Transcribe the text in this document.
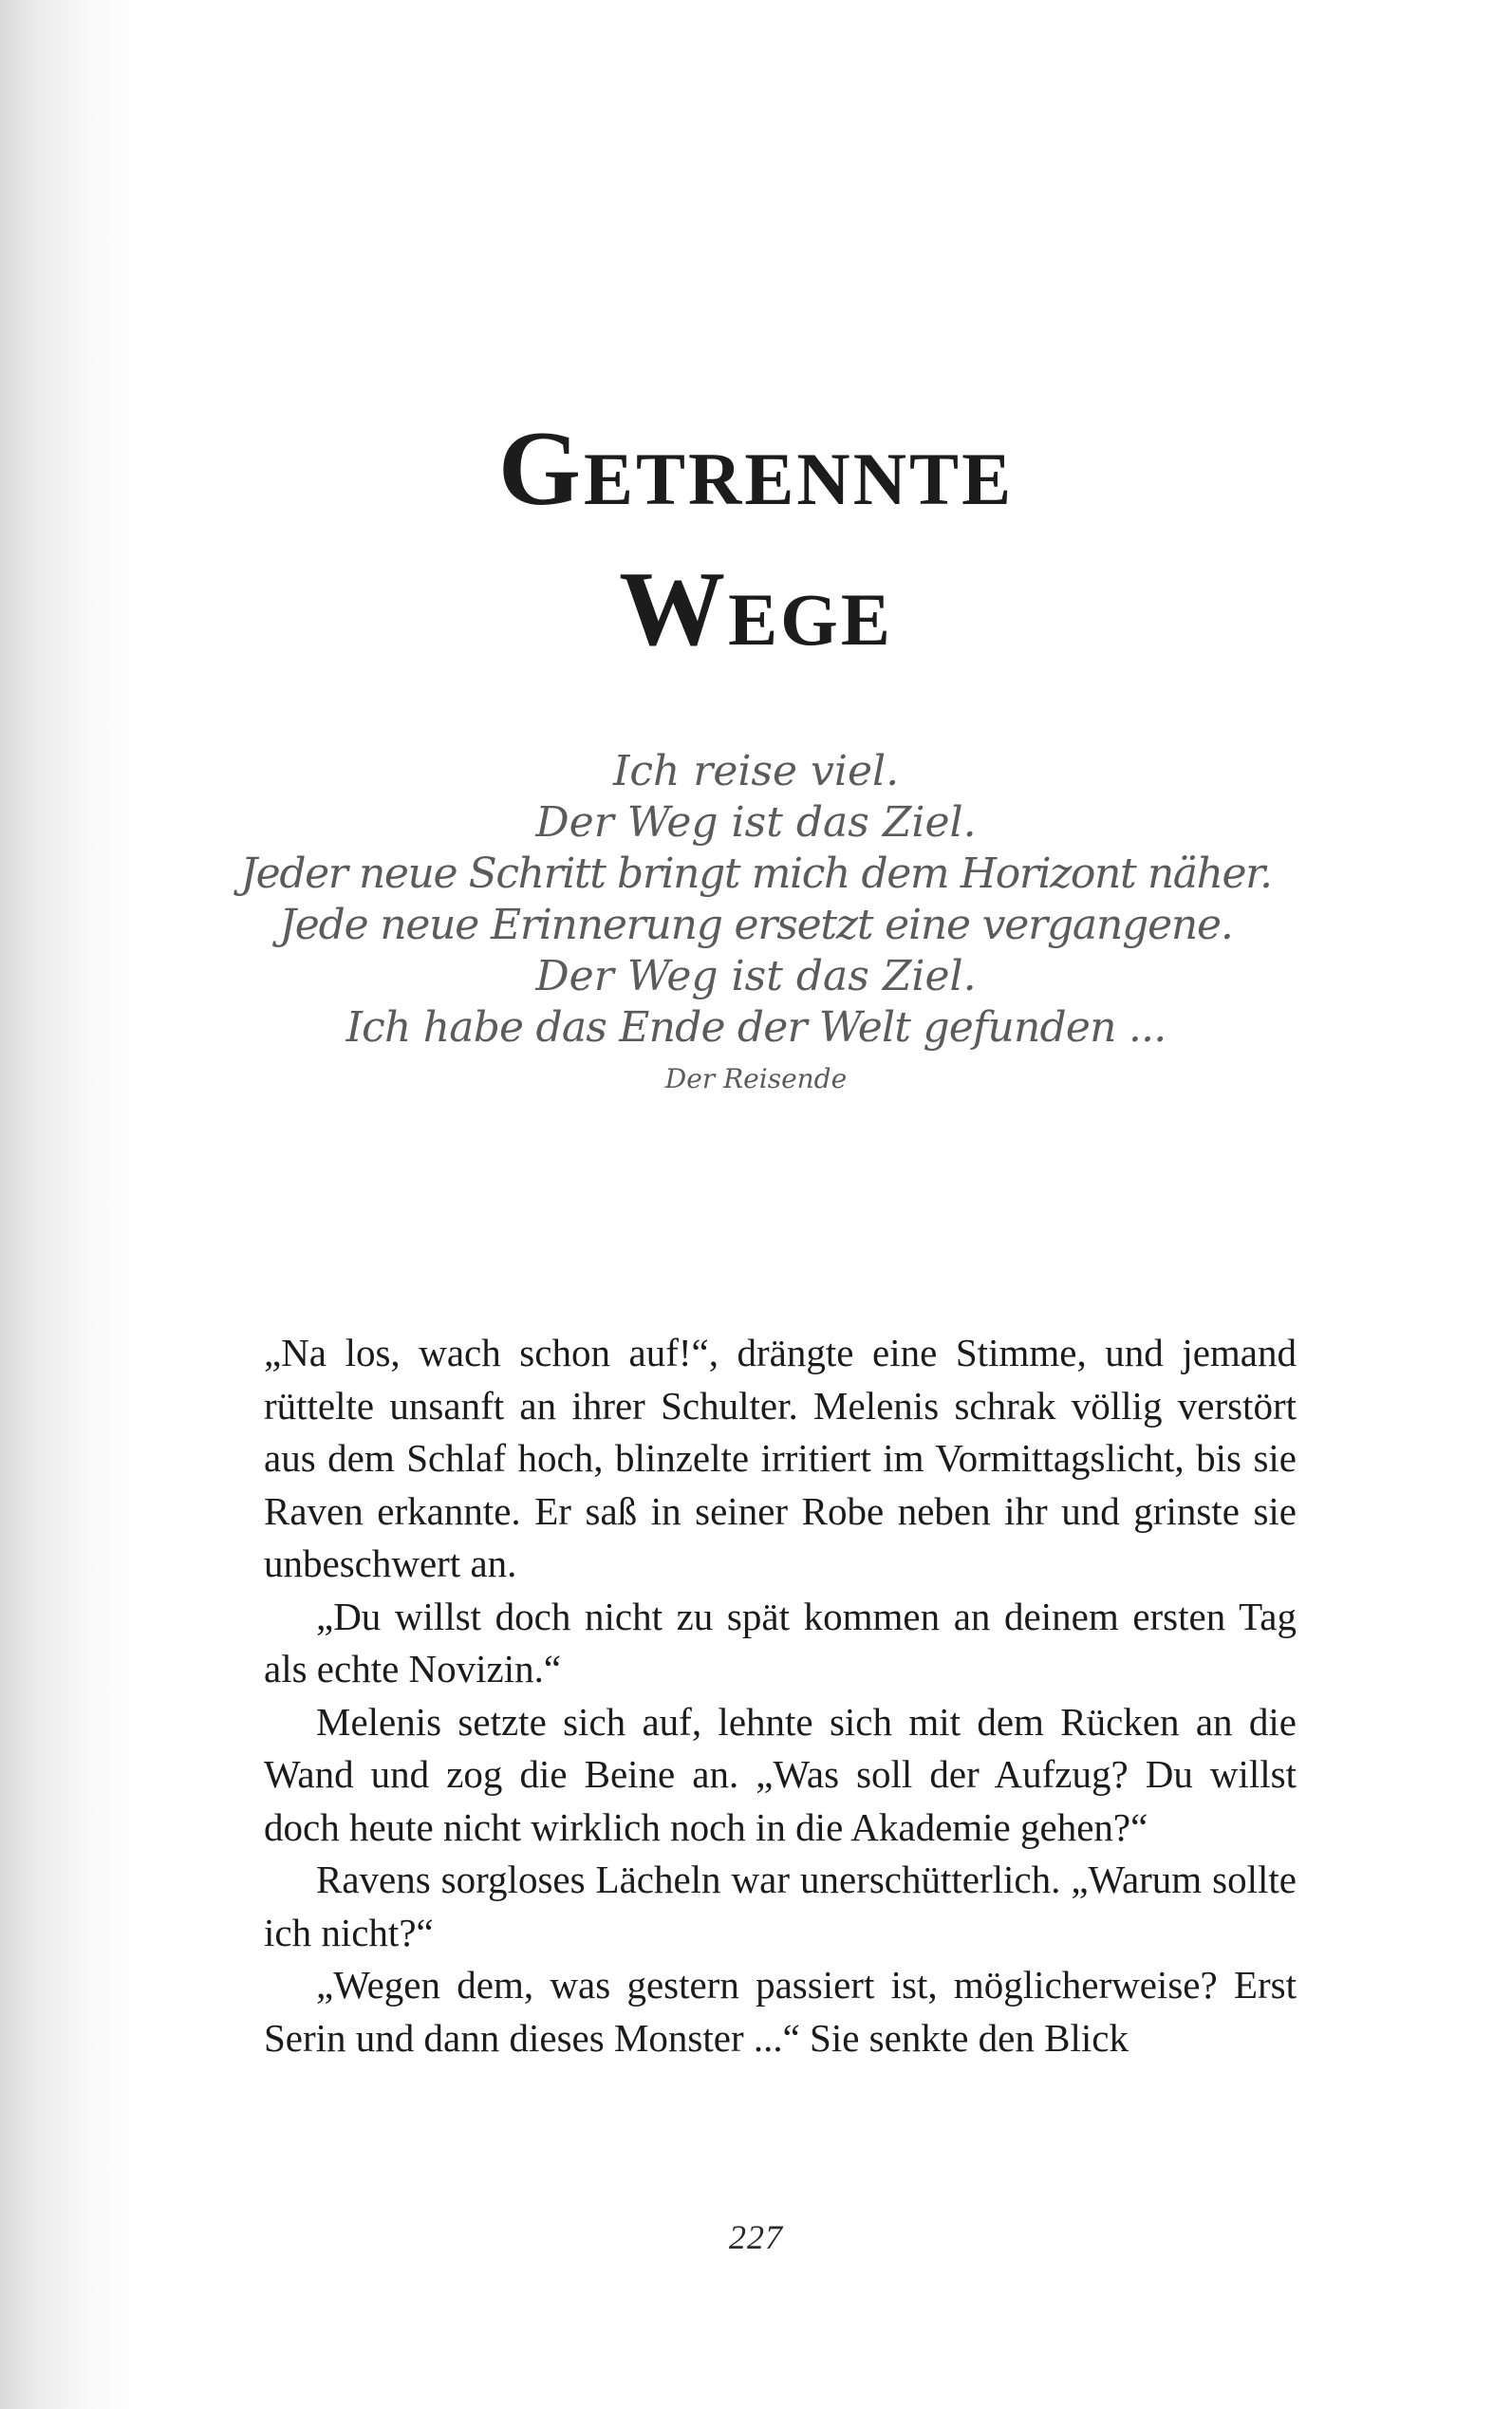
Getrennte
Wege
Ich reise viel.
Der Weg ist das Ziel.
Jeder neue Schritt bringt mich dem Horizont näher.
Jede neue Erinnerung ersetzt eine vergangene.
Der Weg ist das Ziel.
Ich habe das Ende der Welt gefunden ...
Der Reisende

„Na los, wach schon auf!“, drängte eine Stimme, und jemand rüttelte unsanft an ihrer Schulter. Melenis schrak völlig verstört aus dem Schlaf hoch, blinzelte irritiert im Vormittagslicht, bis sie Raven erkannte. Er saß in seiner Robe neben ihr und grinste sie unbeschwert an.

„Du willst doch nicht zu spät kommen an deinem ersten Tag als echte Novizin.“

Melenis setzte sich auf, lehnte sich mit dem Rücken an die Wand und zog die Beine an. „Was soll der Aufzug? Du willst doch heute nicht wirklich noch in die Akademie gehen?“

Ravens sorgloses Lächeln war unerschütterlich. „Warum sollte ich nicht?“

„Wegen dem, was gestern passiert ist, möglicherweise? Erst Serin und dann dieses Monster ...“ Sie senkte den Blick

227
